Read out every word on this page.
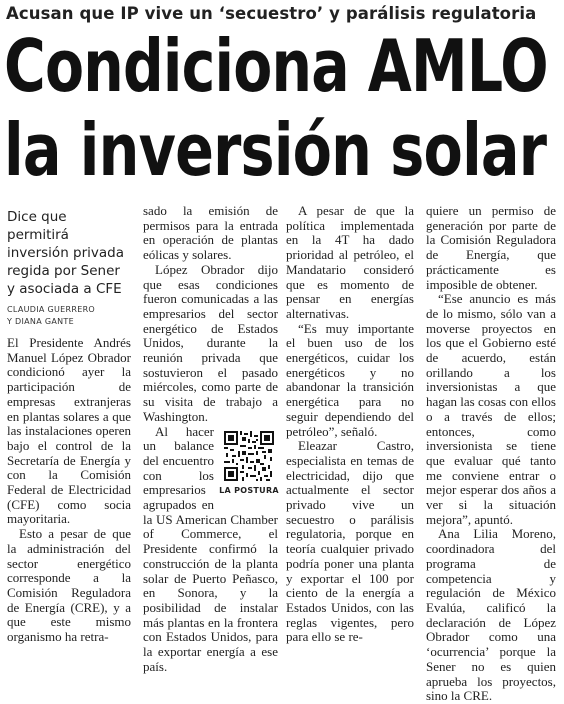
Acusan que IP vive un ‘secuestro’ y parálisis regulatoria
Condiciona AMLO
la inversión solar
Dice que permitirá inversión privada regida por Sener y asociada a CFE
CLAUDIA GUERRERO
Y DIANA GANTE

El Presidente Andrés Manuel López Obrador condicionó ayer la participación de empresas extranjeras en plantas solares a que las instalaciones operen bajo el control de la Secretaría de Energía y con la Comisión Federal de Electricidad (CFE) como socia mayoritaria.

Esto a pesar de que la administración del sector energético corresponde a la Comisión Reguladora de Energía (CRE), y a que este mismo organismo ha retra-

sado la emisión de permisos para la entrada en operación de plantas eólicas y solares.

López Obrador dijo que esas condiciones fueron comunicadas a las empresarios del sector energético de Estados Unidos, durante la reunión privada que sostuvieron el pasado miércoles, como parte de su visita de trabajo a Washington.

LA POSTURA

Al hacer un balance del encuentro con los empresarios agrupados en la US American Chamber of Commerce, el Presidente confirmó la construcción de la planta solar de Puerto Peñasco, en Sonora, y la posibilidad de instalar más plantas en la frontera con Estados Unidos, para la exportar energía a ese país.

A pesar de que la política implementada en la 4T ha dado prioridad al petróleo, el Mandatario consideró que es momento de pensar en energías alternativas.

“Es muy importante el buen uso de los energéticos, cuidar los energéticos y no abandonar la transición energética para no seguir dependiendo del petróleo”, señaló.

Eleazar Castro, especialista en temas de electricidad, dijo que actualmente el sector privado vive un secuestro o parálisis regulatoria, porque en teoría cualquier privado podría poner una planta y exportar el 100 por ciento de la energía a Estados Unidos, con las reglas vigentes, pero para ello se re-

quiere un permiso de generación por parte de la Comisión Reguladora de Energía, que prácticamente es imposible de obtener.

“Ese anuncio es más de lo mismo, sólo van a moverse proyectos en los que el Gobierno esté de acuerdo, están orillando a los inversionistas a que hagan las cosas con ellos o a través de ellos; entonces, como inversionista se tiene que evaluar qué tanto me conviene entrar o mejor esperar dos años a ver si la situación mejora”, apuntó.

Ana Lilia Moreno, coordinadora del programa de competencia y regulación de México Evalúa, calificó la declaración de López Obrador como una ‘ocurrencia’ porque la Sener no es quien aprueba los proyectos, sino la CRE.
